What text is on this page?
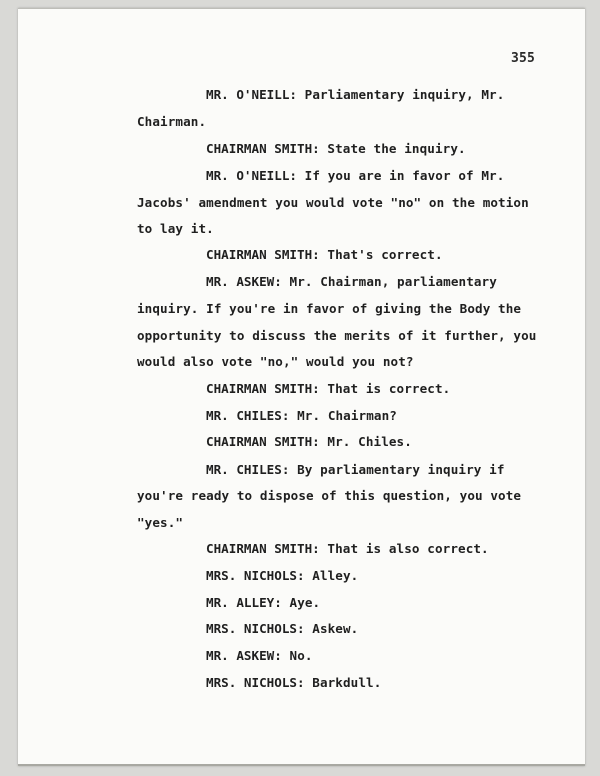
355
MR. O'NEILL: Parliamentary inquiry, Mr.
Chairman.
CHAIRMAN SMITH: State the inquiry.
MR. O'NEILL: If you are in favor of Mr.
Jacobs' amendment you would vote "no" on the motion
to lay it.
CHAIRMAN SMITH: That's correct.
MR. ASKEW: Mr. Chairman, parliamentary
inquiry. If you're in favor of giving the Body the
opportunity to discuss the merits of it further, you
would also vote "no," would you not?
CHAIRMAN SMITH: That is correct.
MR. CHILES: Mr. Chairman?
CHAIRMAN SMITH: Mr. Chiles.
MR. CHILES: By parliamentary inquiry if
you're ready to dispose of this question, you vote
"yes."
CHAIRMAN SMITH: That is also correct.
MRS. NICHOLS: Alley.
MR. ALLEY: Aye.
MRS. NICHOLS: Askew.
MR. ASKEW: No.
MRS. NICHOLS: Barkdull.
